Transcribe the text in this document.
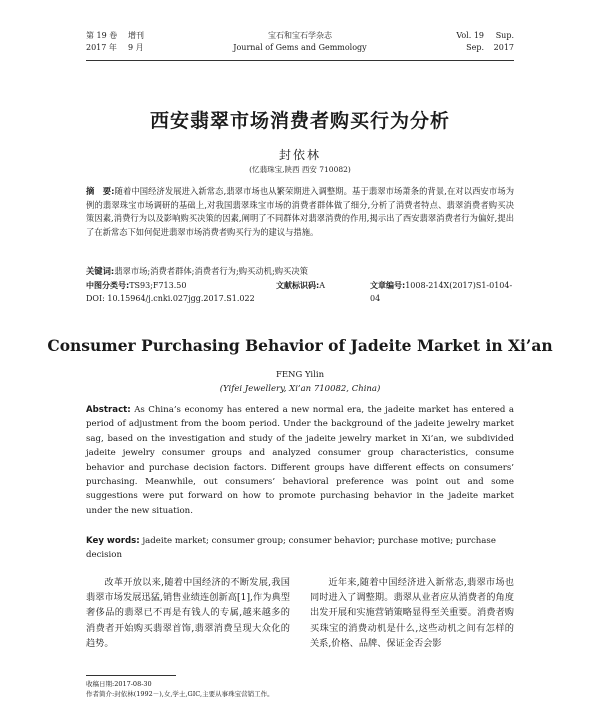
第 19 卷 增刊
2017 年 9 月
宝石和宝石学杂志
Journal of Gems and Gemmology
Vol. 19 Sup.
Sep. 2017
西安翡翠市场消费者购买行为分析
封依林
(忆翡珠宝,陕西 西安 710082)
摘　要:随着中国经济发展进入新常态,翡翠市场也从繁荣期进入调整期。基于翡翠市场萧条的背景,在对以西安市场为例的翡翠珠宝市场调研的基础上,对我国翡翠珠宝市场的消费者群体做了细分,分析了消费者特点、翡翠消费者购买决策因素,消费行为以及影响购买决策的因素,阐明了不同群体对翡翠消费的作用,揭示出了西安翡翠消费者行为偏好,提出了在新常态下如何促进翡翠市场消费者购买行为的建议与措施。
关键词:翡翠市场;消费者群体;消费者行为;购买动机;购买决策
中图分类号:TS93;F713.50	文献标识码:A	文章编号:1008-214X(2017)S1-0104-04
DOI: 10.15964/j.cnki.027jgg.2017.S1.022
Consumer Purchasing Behavior of Jadeite Market in Xi’an
FENG Yilin
(Yifei Jewellery, Xi’an 710082, China)
Abstract: As China’s economy has entered a new normal era, the jadeite market has entered a period of adjustment from the boom period. Under the background of the jadeite jewelry market sag, based on the investigation and study of the jadeite jewelry market in Xi’an, we subdivided jadeite jewelry consumer groups and analyzed consumer group characteristics, consume behavior and purchase decision factors. Different groups have different effects on consumers’ purchasing. Meanwhile, out consumers’ behavioral preference was point out and some suggestions were put forward on how to promote purchasing behavior in the jadeite market under the new situation.
Key words: jadeite market; consumer group; consumer behavior; purchase motive; purchase decision
改革开放以来,随着中国经济的不断发展,我国翡翠市场发展迅猛,销售业绩连创新高[1],作为典型奢侈品的翡翠已不再是有钱人的专属,越来越多的消费者开始购买翡翠首饰,翡翠消费呈现大众化的趋势。
近年来,随着中国经济进入新常态,翡翠市场也同时进入了调整期。翡翠从业者应从消费者的角度出发开展和实施营销策略显得至关重要。消费者购买珠宝的消费动机是什么,这些动机之间有怎样的关系,价格、品牌、保证金否会影
收稿日期:2017-08-30
作者简介:封依林(1992－),女,学士,GIC,主要从事珠宝营销工作。
